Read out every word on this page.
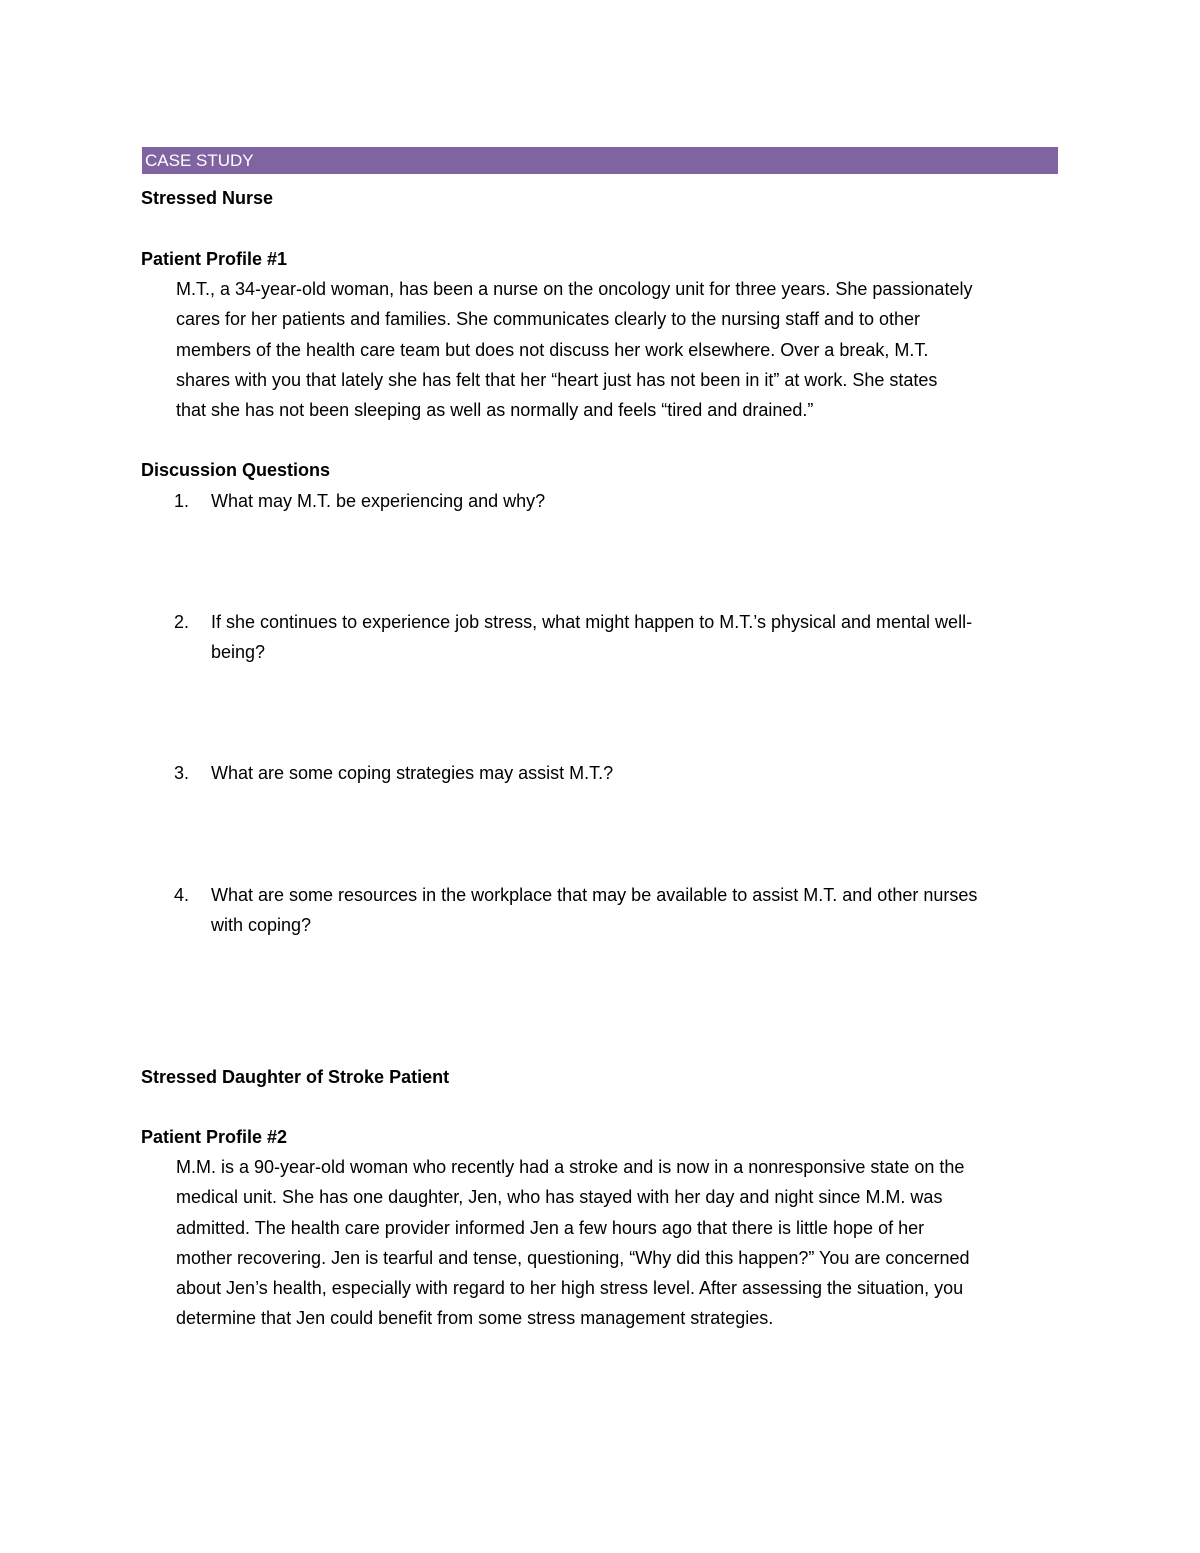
CASE STUDY
Stressed Nurse
Patient Profile #1
M.T., a 34-year-old woman, has been a nurse on the oncology unit for three years. She passionately
cares for her patients and families. She communicates clearly to the nursing staff and to other
members of the health care team but does not discuss her work elsewhere. Over a break, M.T.
shares with you that lately she has felt that her “heart just has not been in it” at work. She states
that she has not been sleeping as well as normally and feels “tired and drained.”
Discussion Questions
1. What may M.T. be experiencing and why?
2. If she continues to experience job stress, what might happen to M.T.’s physical and mental well-
being?
3. What are some coping strategies may assist M.T.?
4. What are some resources in the workplace that may be available to assist M.T. and other nurses
with coping?
Stressed Daughter of Stroke Patient
Patient Profile #2
M.M. is a 90-year-old woman who recently had a stroke and is now in a nonresponsive state on the
medical unit. She has one daughter, Jen, who has stayed with her day and night since M.M. was
admitted. The health care provider informed Jen a few hours ago that there is little hope of her
mother recovering. Jen is tearful and tense, questioning, “Why did this happen?” You are concerned
about Jen’s health, especially with regard to her high stress level. After assessing the situation, you
determine that Jen could benefit from some stress management strategies.
